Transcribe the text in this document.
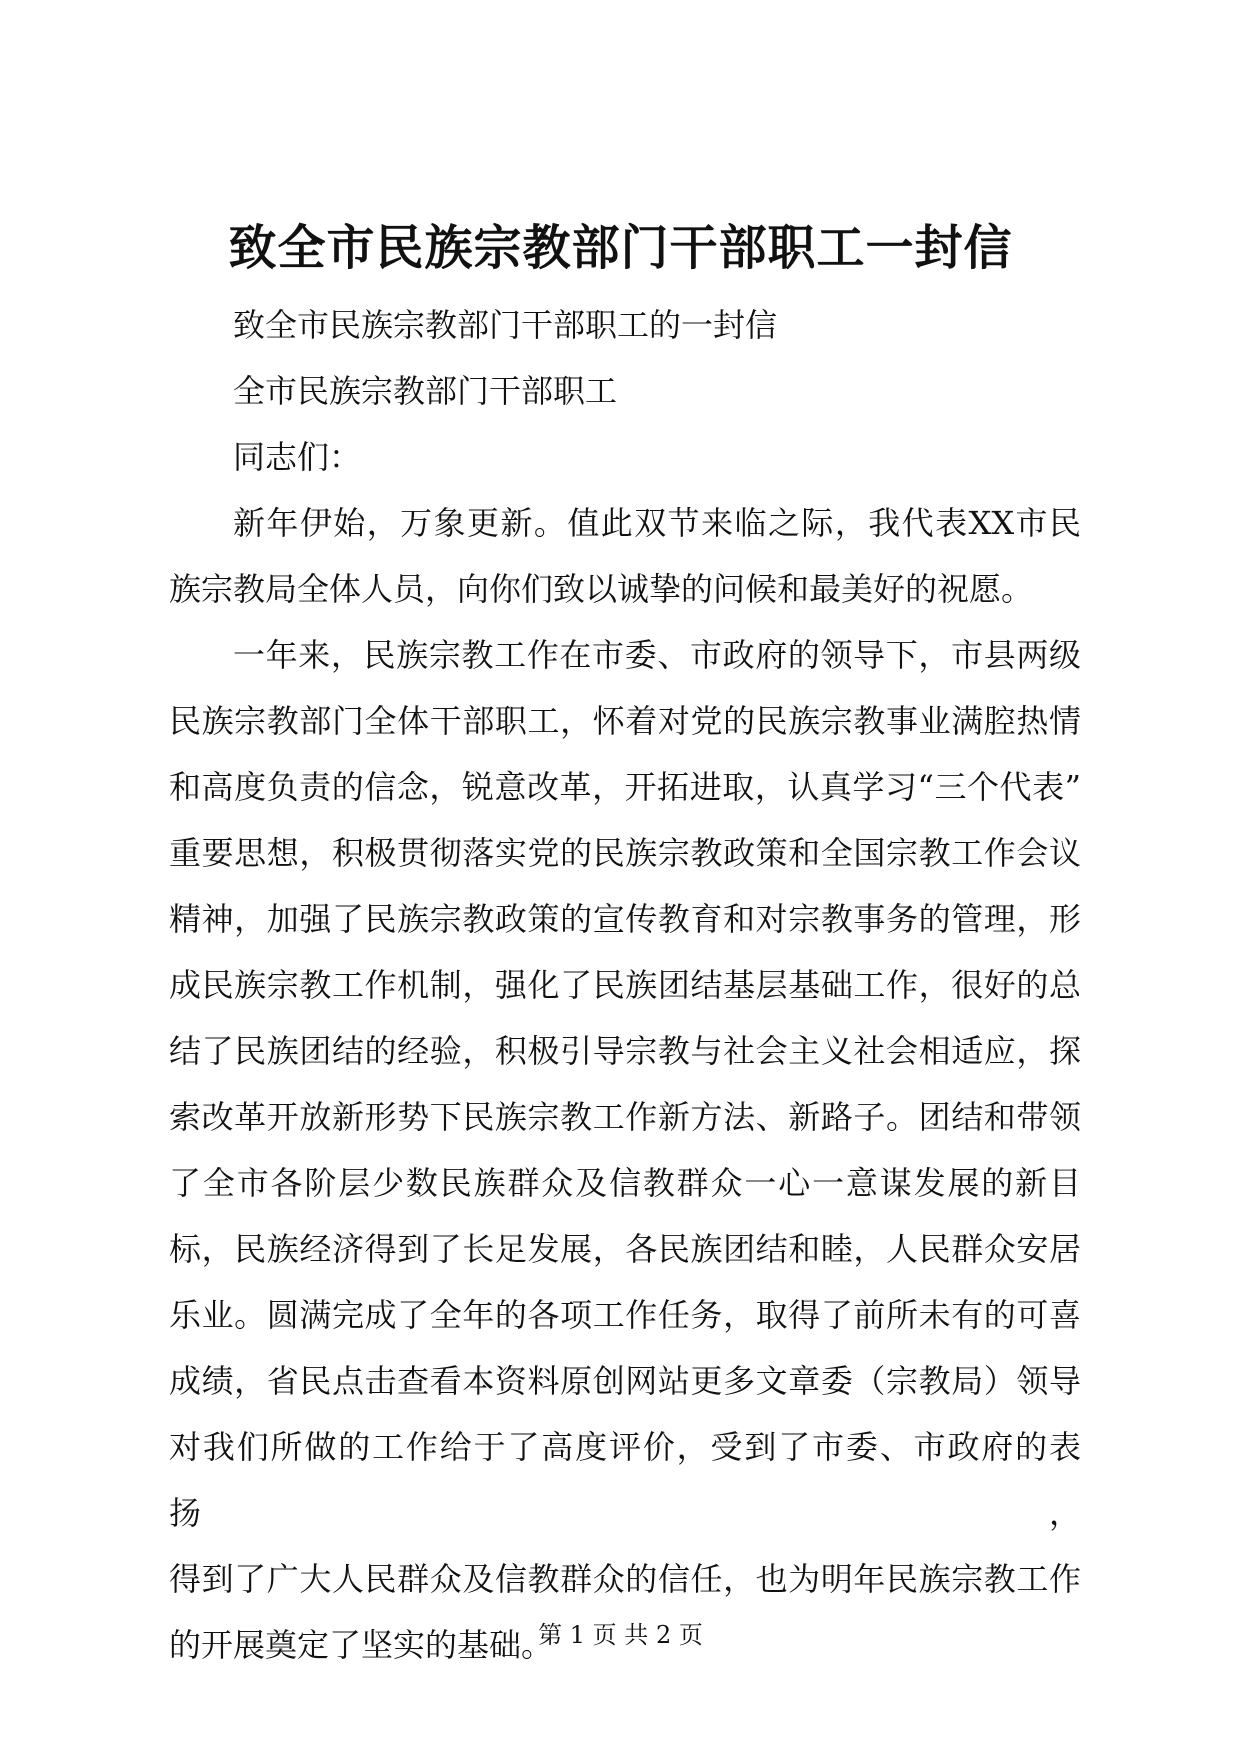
致全市民族宗教部门干部职工一封信

致全市民族宗教部门干部职工的一封信

全市民族宗教部门干部职工

同志们：

新年伊始，万象更新。值此双节来临之际，我代表XX市民

族宗教局全体人员，向你们致以诚挚的问候和最美好的祝愿。

一年来，民族宗教工作在市委、市政府的领导下，市县两级

民族宗教部门全体干部职工，怀着对党的民族宗教事业满腔热情

和高度负责的信念，锐意改革，开拓进取，认真学习“三个代表”

重要思想，积极贯彻落实党的民族宗教政策和全国宗教工作会议

精神，加强了民族宗教政策的宣传教育和对宗教事务的管理，形

成民族宗教工作机制，强化了民族团结基层基础工作，很好的总

结了民族团结的经验，积极引导宗教与社会主义社会相适应，探

索改革开放新形势下民族宗教工作新方法、新路子。团结和带领

了全市各阶层少数民族群众及信教群众一心一意谋发展的新目

标，民族经济得到了长足发展，各民族团结和睦，人民群众安居

乐业。圆满完成了全年的各项工作任务，取得了前所未有的可喜

成绩，省民点击查看本资料原创网站更多文章委（宗教局）领导

对我们所做的工作给于了高度评价，受到了市委、市政府的表扬，

得到了广大人民群众及信教群众的信任，也为明年民族宗教工作

的开展奠定了坚实的基础。

第 1 页 共 2 页
